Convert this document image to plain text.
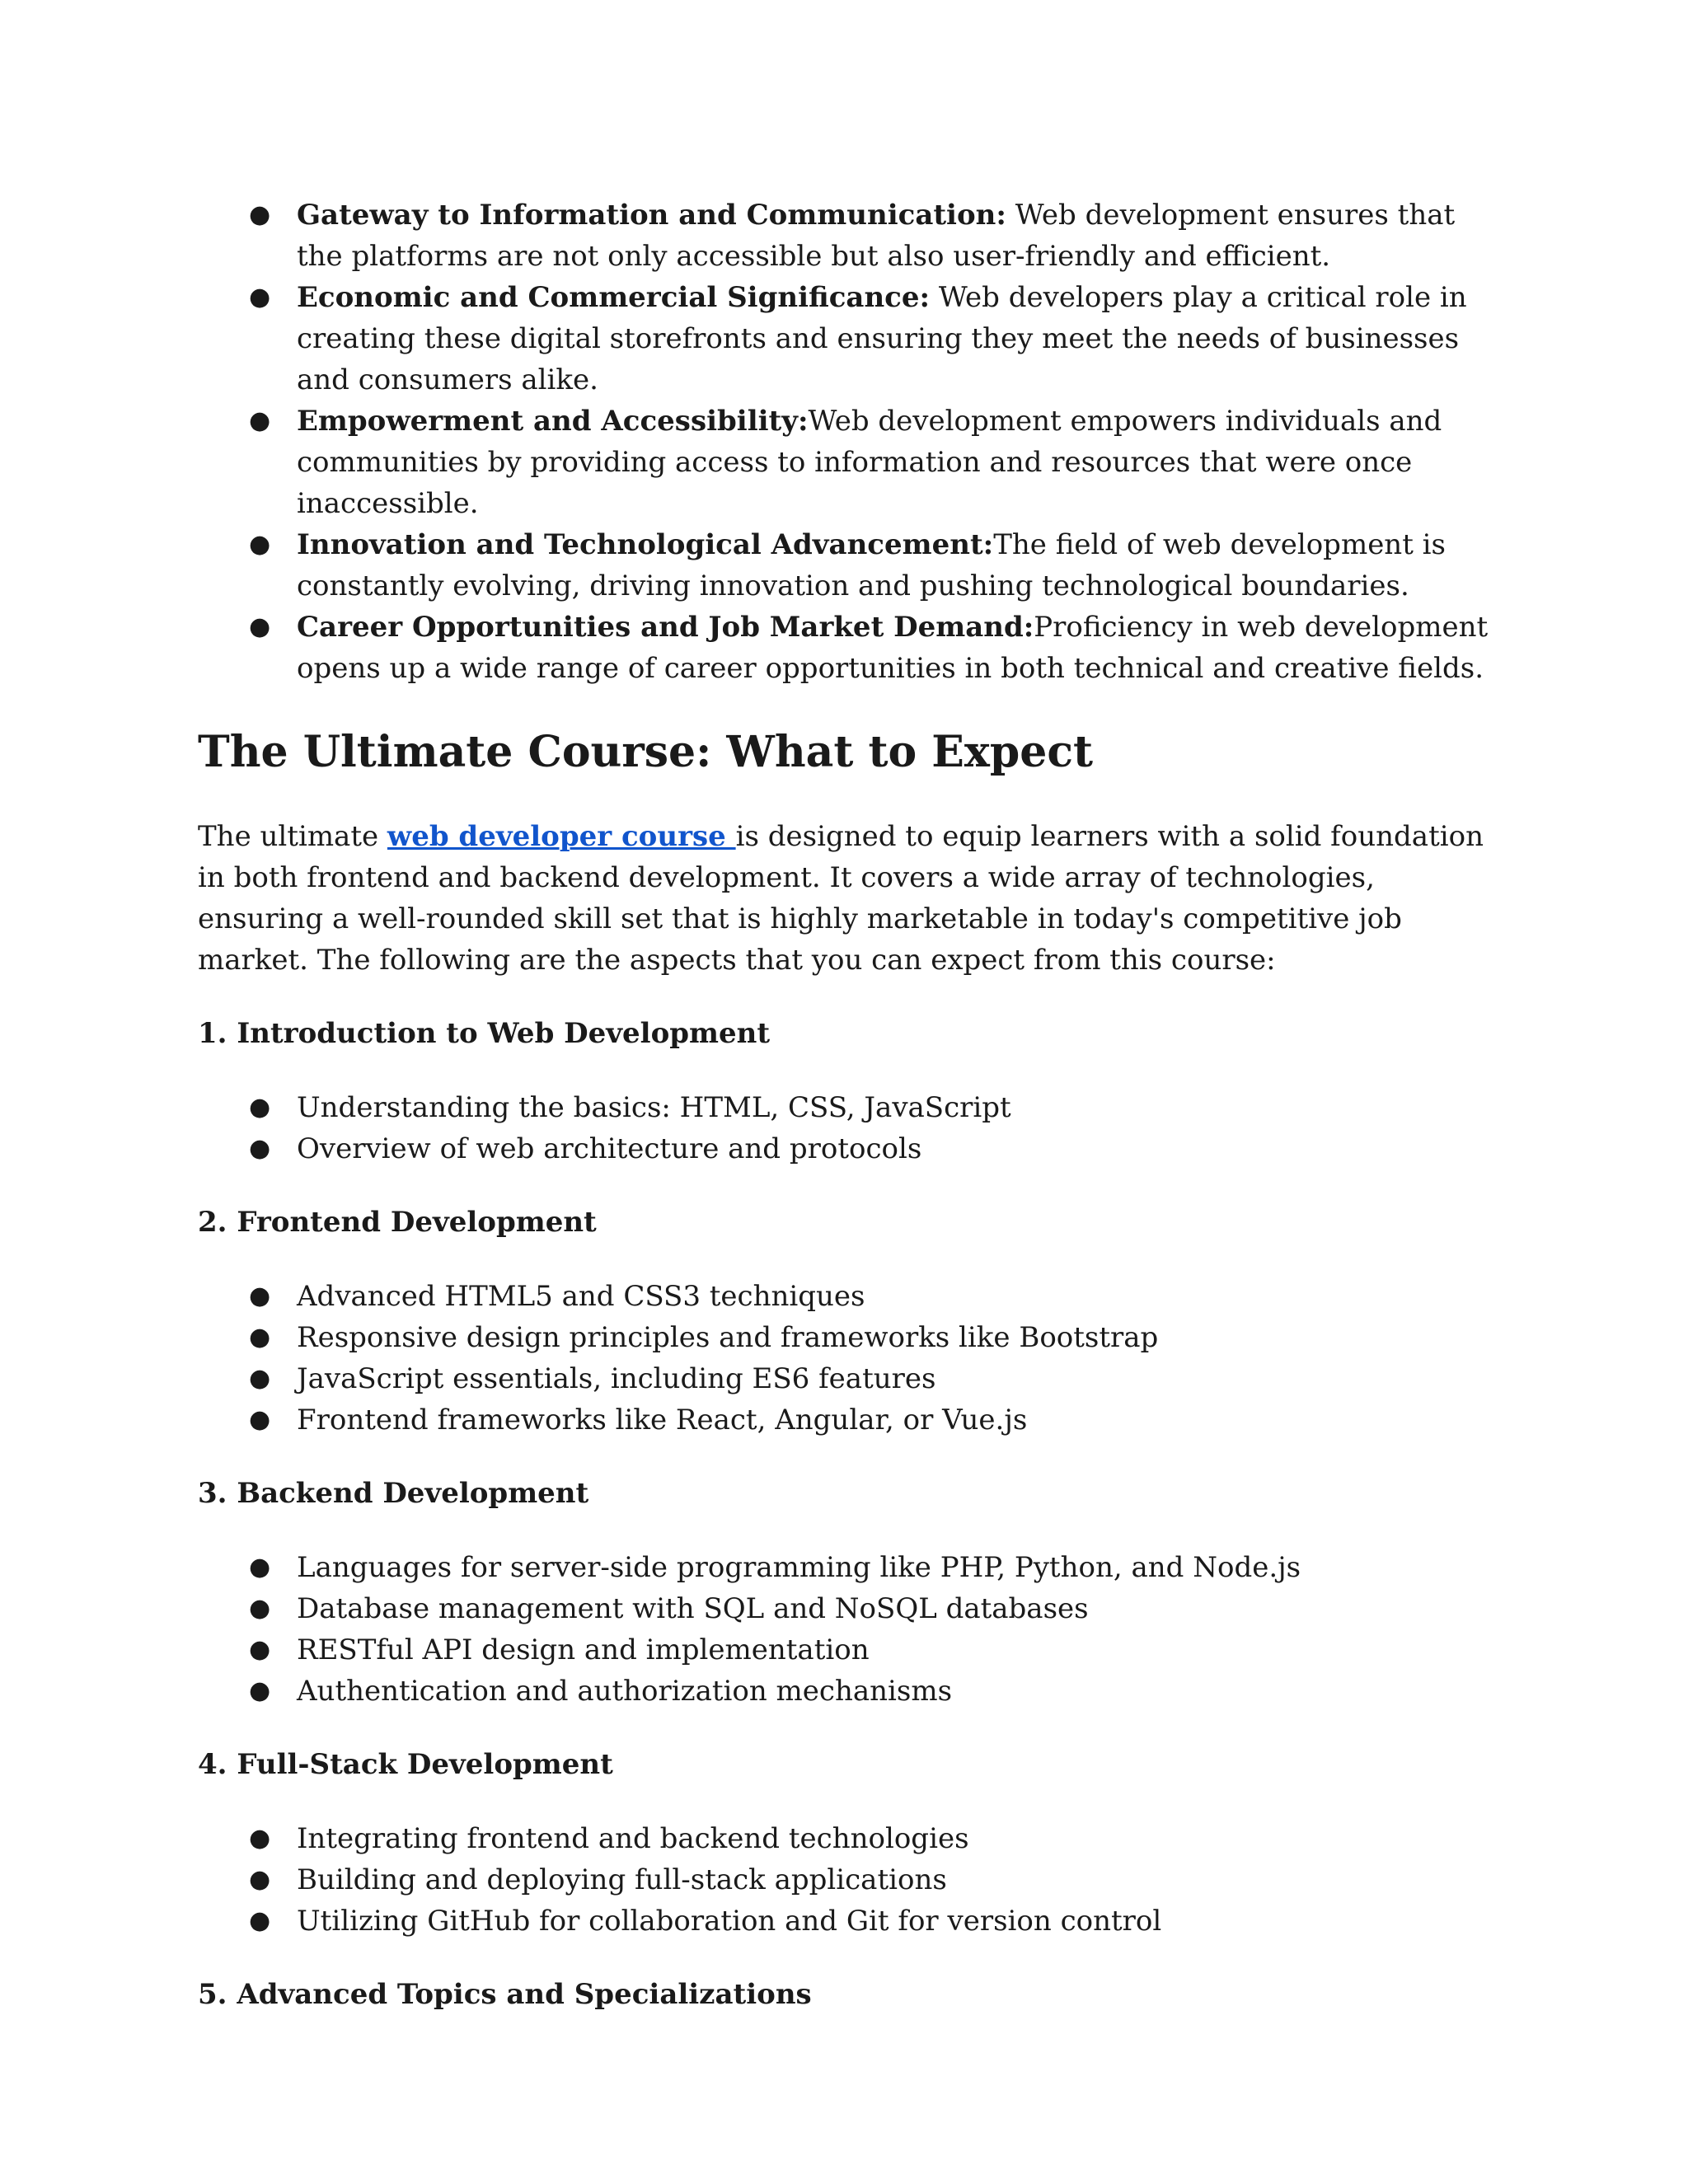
● Gateway to Information and Communication: Web development ensures that the platforms are not only accessible but also user-friendly and efficient.
● Economic and Commercial Significance: Web developers play a critical role in creating these digital storefronts and ensuring they meet the needs of businesses and consumers alike.
● Empowerment and Accessibility:Web development empowers individuals and communities by providing access to information and resources that were once inaccessible.
● Innovation and Technological Advancement:The field of web development is constantly evolving, driving innovation and pushing technological boundaries.
● Career Opportunities and Job Market Demand:Proficiency in web development opens up a wide range of career opportunities in both technical and creative fields.
The Ultimate Course: What to Expect

The ultimate web developer course is designed to equip learners with a solid foundation in both frontend and backend development. It covers a wide array of technologies, ensuring a well-rounded skill set that is highly marketable in today's competitive job market. The following are the aspects that you can expect from this course:

1. Introduction to Web Development
● Understanding the basics: HTML, CSS, JavaScript
● Overview of web architecture and protocols
2. Frontend Development
● Advanced HTML5 and CSS3 techniques
● Responsive design principles and frameworks like Bootstrap
● JavaScript essentials, including ES6 features
● Frontend frameworks like React, Angular, or Vue.js
3. Backend Development
● Languages for server-side programming like PHP, Python, and Node.js
● Database management with SQL and NoSQL databases
● RESTful API design and implementation
● Authentication and authorization mechanisms
4. Full-Stack Development
● Integrating frontend and backend technologies
● Building and deploying full-stack applications
● Utilizing GitHub for collaboration and Git for version control
5. Advanced Topics and Specializations
